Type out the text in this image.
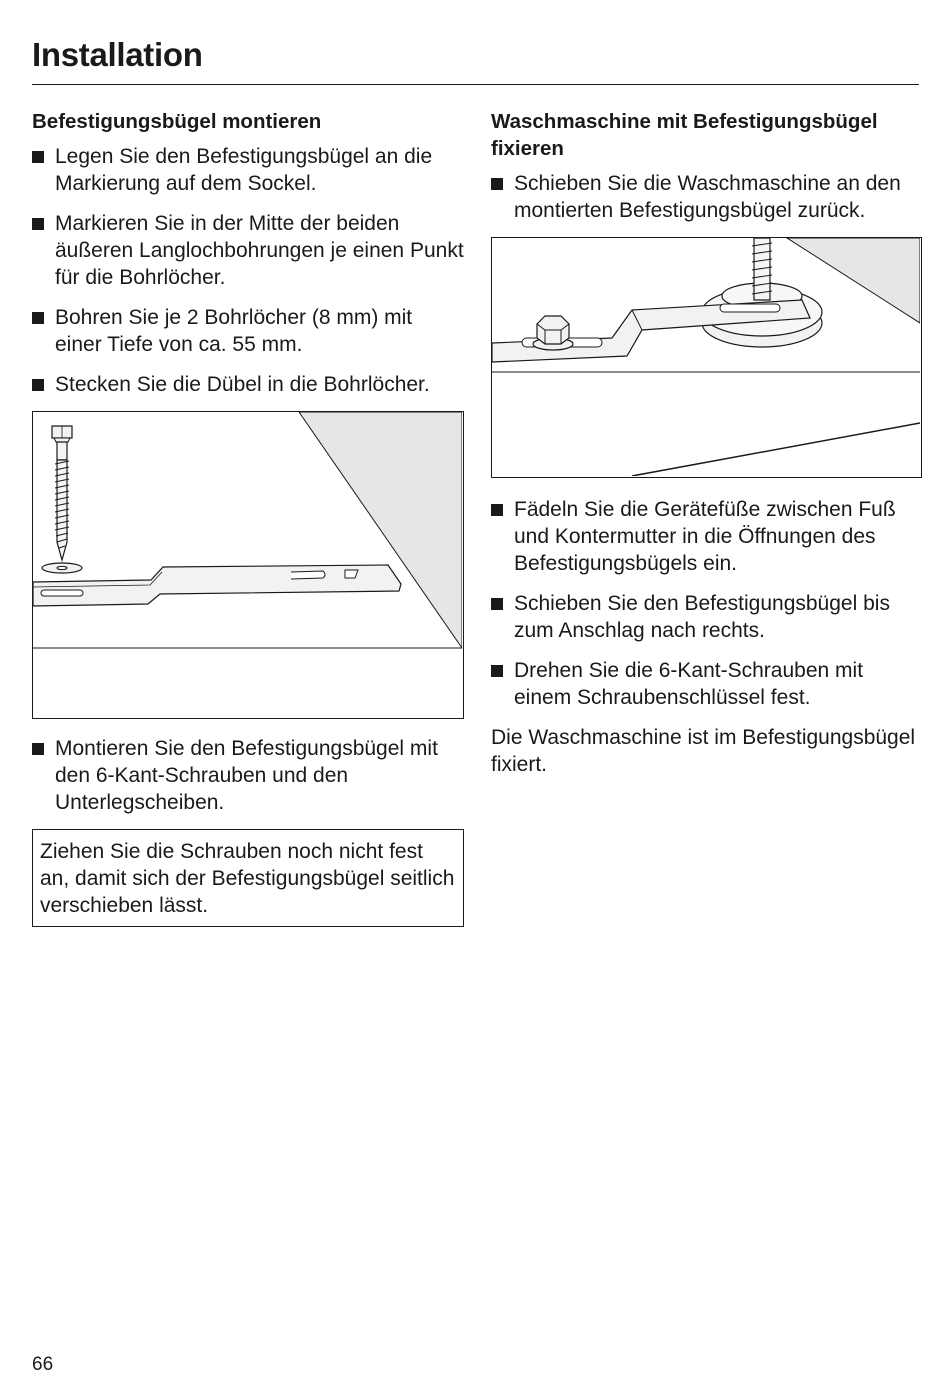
Installation
Befestigungsbügel montieren
Legen Sie den Befestigungsbügel an die Markierung auf dem Sockel.
Markieren Sie in der Mitte der beiden äußeren Langlochbohrungen je einen Punkt für die Bohrlöcher.
Bohren Sie je 2 Bohrlöcher (8 mm) mit einer Tiefe von ca. 55 mm.
Stecken Sie die Dübel in die Bohrlöcher.
Montieren Sie den Befestigungsbügel mit den 6-Kant-Schrauben und den Unterlegscheiben.
Ziehen Sie die Schrauben noch nicht fest an, damit sich der Befestigungsbügel seitlich verschieben lässt.
Waschmaschine mit Befestigungsbügel fixieren
Schieben Sie die Waschmaschine an den montierten Befestigungsbügel zurück.
Fädeln Sie die Gerätefüße zwischen Fuß und Kontermutter in die Öffnungen des Befestigungsbügels ein.
Schieben Sie den Befestigungsbügel bis zum Anschlag nach rechts.
Drehen Sie die 6-Kant-Schrauben mit einem Schraubenschlüssel fest.

Die Waschmaschine ist im Befestigungsbügel fixiert.

66
